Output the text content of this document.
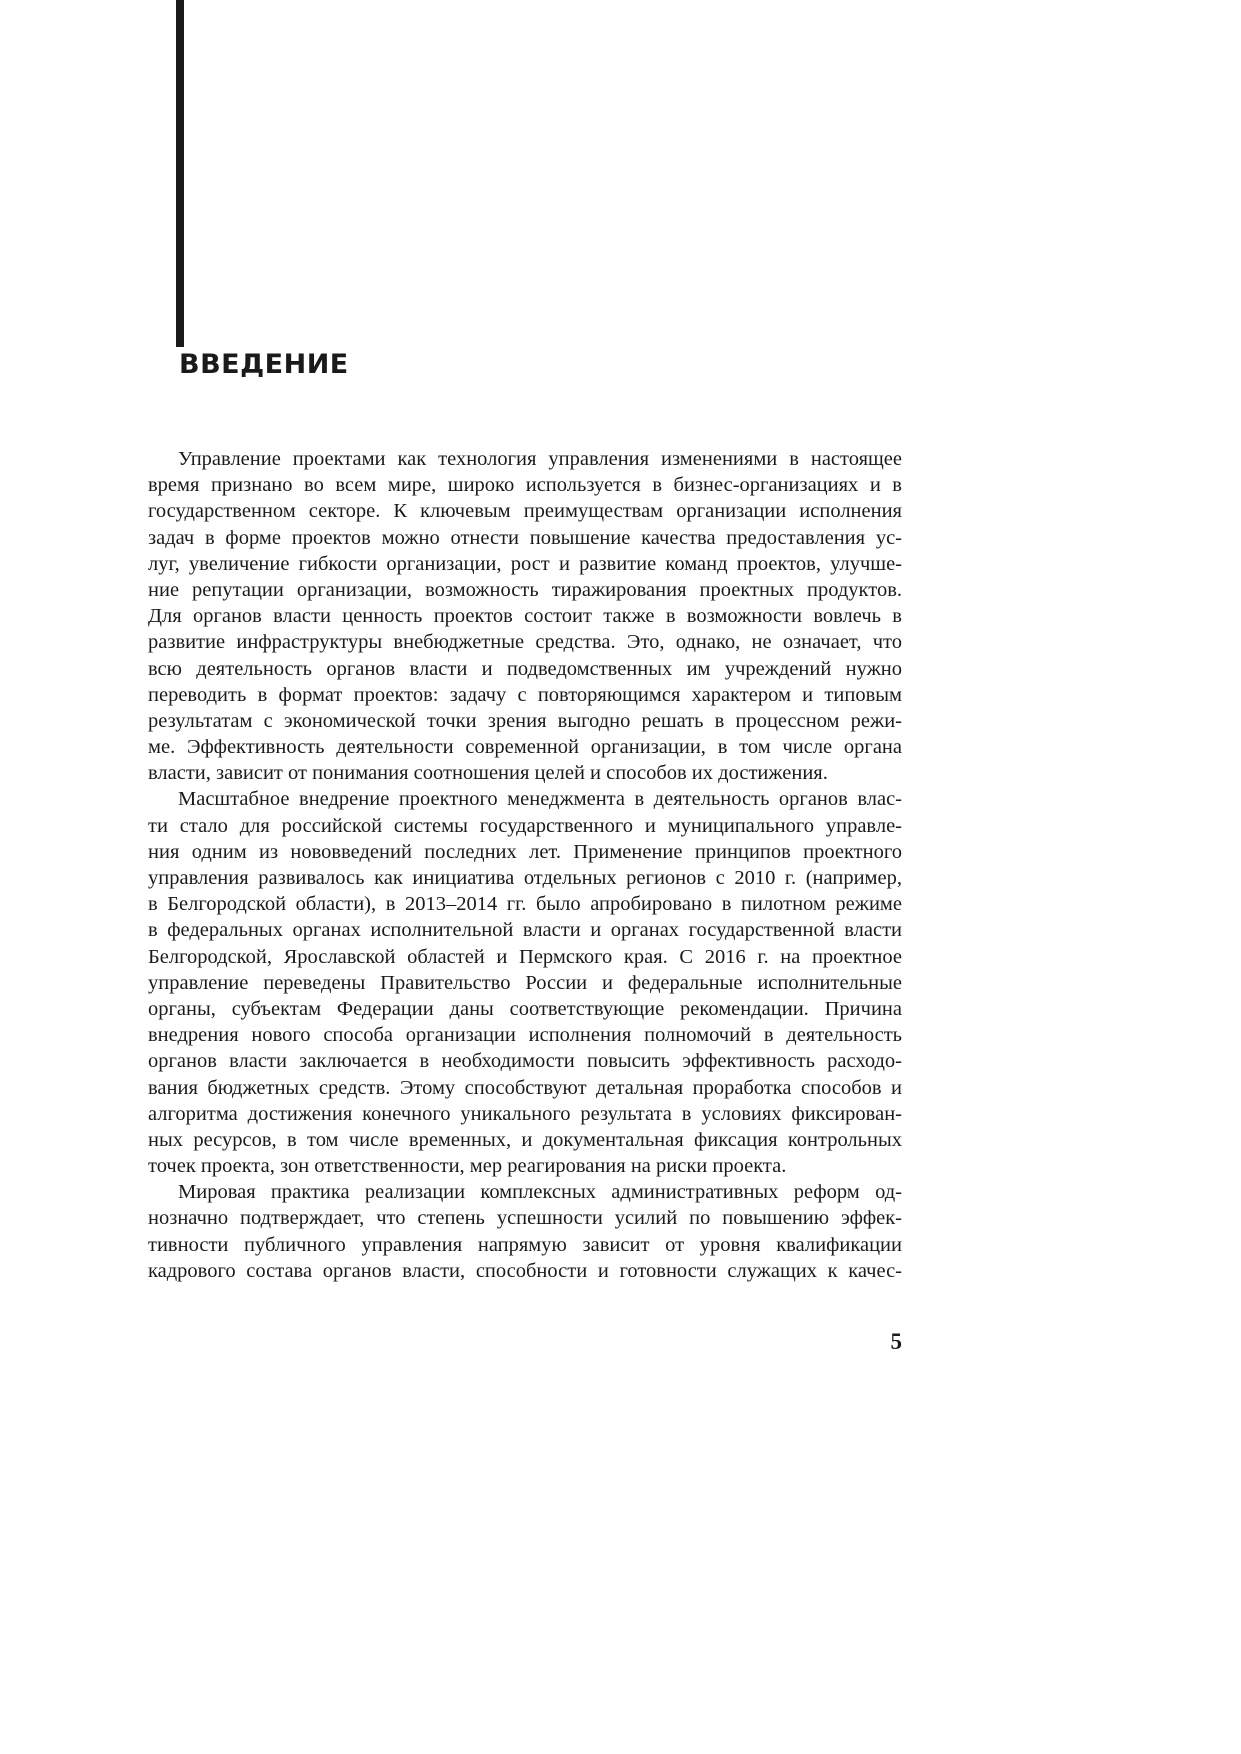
ВВЕДЕНИЕ
Управление проектами как технология управления изменениями в настоящее
время признано во всем мире, широко используется в бизнес-организациях и в
государственном секторе. К ключевым преимуществам организации исполнения
задач в форме проектов можно отнести повышение качества предоставления ус-
луг, увеличение гибкости организации, рост и развитие команд проектов, улучше-
ние репутации организации, возможность тиражирования проектных продуктов.
Для органов власти ценность проектов состоит также в возможности вовлечь в
развитие инфраструктуры внебюджетные средства. Это, однако, не означает, что
всю деятельность органов власти и подведомственных им учреждений нужно
переводить в формат проектов: задачу с повторяющимся характером и типовым
результатам с экономической точки зрения выгодно решать в процессном режи-
ме. Эффективность деятельности современной организации, в том числе органа
власти, зависит от понимания соотношения целей и способов их достижения.
Масштабное внедрение проектного менеджмента в деятельность органов влас-
ти стало для российской системы государственного и муниципального управле-
ния одним из нововведений последних лет. Применение принципов проектного
управления развивалось как инициатива отдельных регионов с 2010 г. (например,
в Белгородской области), в 2013–2014 гг. было апробировано в пилотном режиме
в федеральных органах исполнительной власти и органах государственной власти
Белгородской, Ярославской областей и Пермского края. С 2016 г. на проектное
управление переведены Правительство России и федеральные исполнительные
органы, субъектам Федерации даны соответствующие рекомендации. Причина
внедрения нового способа организации исполнения полномочий в деятельность
органов власти заключается в необходимости повысить эффективность расходо-
вания бюджетных средств. Этому способствуют детальная проработка способов и
алгоритма достижения конечного уникального результата в условиях фиксирован-
ных ресурсов, в том числе временных, и документальная фиксация контрольных
точек проекта, зон ответственности, мер реагирования на риски проекта.
Мировая практика реализации комплексных административных реформ од-
нозначно подтверждает, что степень успешности усилий по повышению эффек-
тивности публичного управления напрямую зависит от уровня квалификации
кадрового состава органов власти, способности и готовности служащих к качес-
5
